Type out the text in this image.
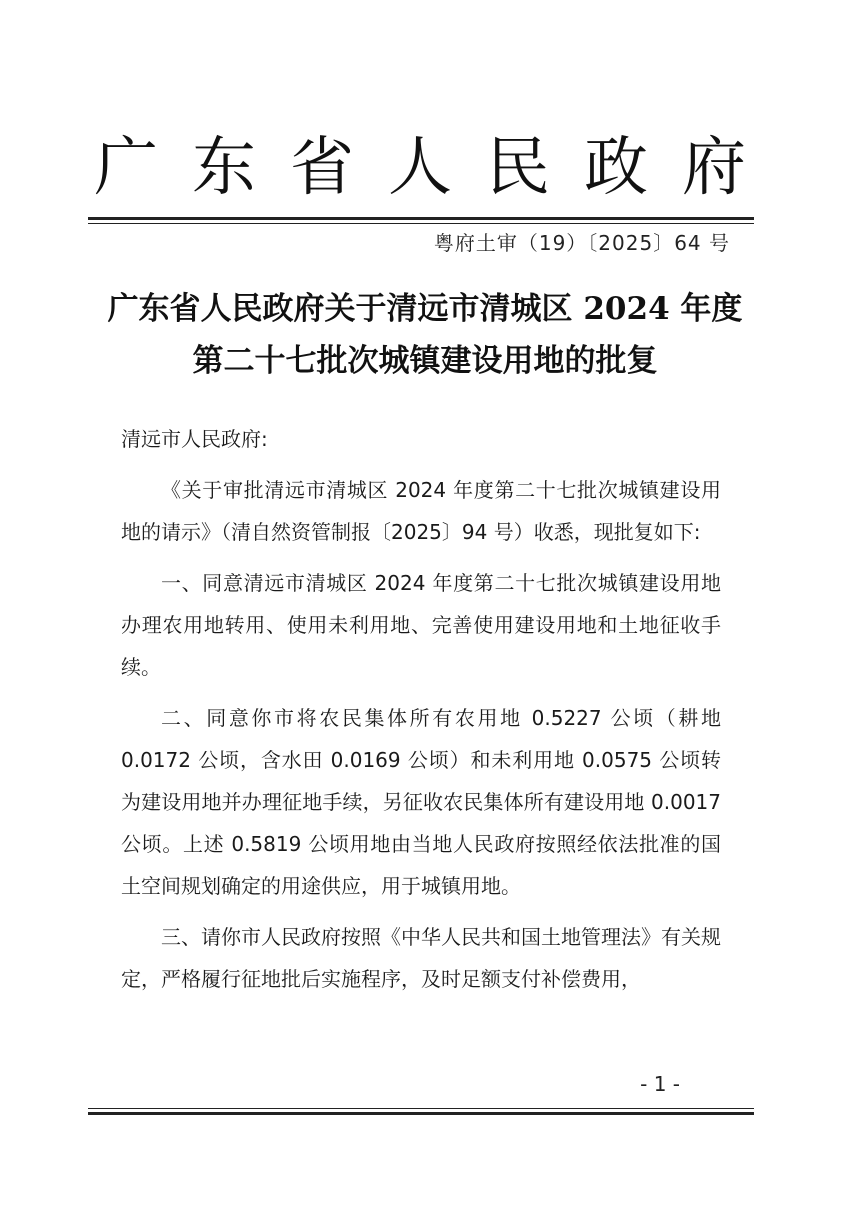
广 东 省 人 民 政 府
粤府土审（19）〔2025〕64 号
广东省人民政府关于清远市清城区 2024 年度
第二十七批次城镇建设用地的批复

清远市人民政府:

《关于审批清远市清城区 2024 年度第二十七批次城镇建设用地的请示》（清自然资管制报〔2025〕94 号）收悉，现批复如下:

一、同意清远市清城区 2024 年度第二十七批次城镇建设用地办理农用地转用、使用未利用地、完善使用建设用地和土地征收手续。

二、同意你市将农民集体所有农用地 0.5227 公顷（耕地 0.0172 公顷，含水田 0.0169 公顷）和未利用地 0.0575 公顷转为建设用地并办理征地手续，另征收农民集体所有建设用地 0.0017 公顷。上述 0.5819 公顷用地由当地人民政府按照经依法批准的国土空间规划确定的用途供应，用于城镇用地。

三、请你市人民政府按照《中华人民共和国土地管理法》有关规定，严格履行征地批后实施程序，及时足额支付补偿费用，

- 1 -
